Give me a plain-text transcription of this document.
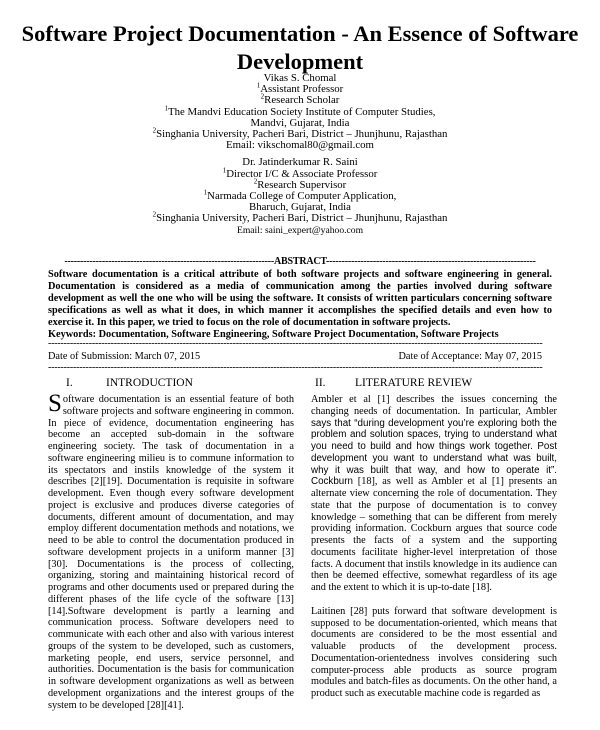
Software Project Documentation - An Essence of Software Development
Vikas S. Chomal
$^1$Assistant Professor
$^2$Research Scholar
$^1$The Mandvi Education Society Institute of Computer Studies,
Mandvi, Gujarat, India
$^2$Singhania University, Pacheri Bari, District – Jhunjhunu, Rajasthan
Email: vikschomal80@gmail.com
Dr. Jatinderkumar R. Saini
$^1$Director I/C & Associate Professor
$^2$Research Supervisor
$^1$Narmada College of Computer Application,
Bharuch, Gujarat, India
$^2$Singhania University, Pacheri Bari, District – Jhunjhunu, Rajasthan
Email: saini_expert@yahoo.com
-------------------------------------------------------------------ABSTRACT-------------------------------------------------------------------

Software documentation is a critical attribute of both software projects and software engineering in general. Documentation is considered as a media of communication among the parties involved during software development as well the one who will be using the software. It consists of written particulars concerning software specifications as well as what it does, in which manner it accomplishes the specified details and even how to exercise it. In this paper, we tried to focus on the role of documentation in software projects.

Keywords: Documentation, Software Engineering, Software Project Documentation, Software Projects

--------------------------------------------------------------------------------------------------------------------------------------------------------------
Date of Submission: March 07, 2015	Date of Acceptance: May 07, 2015
--------------------------------------------------------------------------------------------------------------------------------------------------------------
I.	INTRODUCTION

Software documentation is an essential feature of both software projects and software engineering in common. In piece of evidence, documentation engineering has become an accepted sub-domain in the software engineering society. The task of documentation in a software engineering milieu is to commune information to its spectators and instils knowledge of the system it describes [2][19]. Documentation is requisite in software development. Even though every software development project is exclusive and produces diverse categories of documents, different amount of documentation, and may employ different documentation methods and notations, we need to be able to control the documentation produced in software development projects in a uniform manner [3][30]. Documentations is the process of collecting, organizing, storing and maintaining historical record of programs and other documents used or prepared during the different phases of the life cycle of the software [13][14].Software development is partly a learning and communication process. Software developers need to communicate with each other and also with various interest groups of the system to be developed, such as customers, marketing people, end users, service personnel, and authorities. Documentation is the basis for communication in software development organizations as well as between development organizations and the interest groups of the system to be developed [28][41].

II.	LITERATURE REVIEW

Ambler et al [1] describes the issues concerning the changing needs of documentation. In particular, Ambler says that “during development you’re exploring both the problem and solution spaces, trying to understand what you need to build and how things work together. Post development you want to understand what was built, why it was built that way, and how to operate it”. Cockburn [18], as well as Ambler et al [1] presents an alternate view concerning the role of documentation. They state that the purpose of documentation is to convey knowledge – something that can be different from merely providing information. Cockburn argues that source code presents the facts of a system and the supporting documents facilitate higher-level interpretation of those facts. A document that instils knowledge in its audience can then be deemed effective, somewhat regardless of its age and the extent to which it is up-to-date [18].

Laitinen [28] puts forward that software development is supposed to be documentation-oriented, which means that documents are considered to be the most essential and valuable products of the development process. Documentation-orientedness involves considering such computer-process able products as source program modules and batch-files as documents. On the other hand, a product such as executable machine code is regarded as
